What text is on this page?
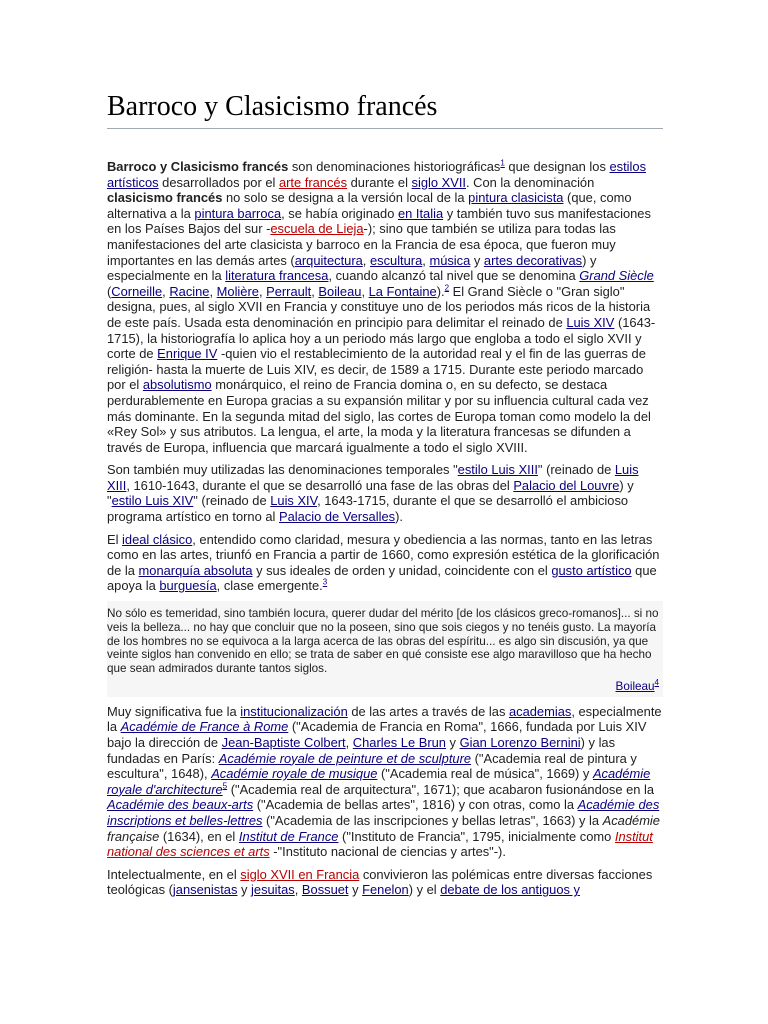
Barroco y Clasicismo francés

Barroco y Clasicismo francés son denominaciones historiográficas$^1$ que designan los estilos artísticos desarrollados por el arte francés durante el siglo XVII. Con la denominación clasicismo francés no solo se designa a la versión local de la pintura clasicista (que, como alternativa a la pintura barroca, se había originado en Italia y también tuvo sus manifestaciones en los Países Bajos del sur -escuela de Lieja-); sino que también se utiliza para todas las manifestaciones del arte clasicista y barroco en la Francia de esa época, que fueron muy importantes en las demás artes (arquitectura, escultura, música y artes decorativas) y especialmente en la literatura francesa, cuando alcanzó tal nivel que se denomina Grand Siècle (Corneille, Racine, Molière, Perrault, Boileau, La Fontaine).$^2$ El Grand Siècle o "Gran siglo" designa, pues, al siglo XVII en Francia y constituye uno de los periodos más ricos de la historia de este país. Usada esta denominación en principio para delimitar el reinado de Luis XIV (1643-1715), la historiografía lo aplica hoy a un periodo más largo que engloba a todo el siglo XVII y corte de Enrique IV -quien vio el restablecimiento de la autoridad real y el fin de las guerras de religión- hasta la muerte de Luis XIV, es decir, de 1589 a 1715. Durante este periodo marcado por el absolutismo monárquico, el reino de Francia domina o, en su defecto, se destaca perdurablemente en Europa gracias a su expansión militar y por su influencia cultural cada vez más dominante. En la segunda mitad del siglo, las cortes de Europa toman como modelo la del «Rey Sol» y sus atributos. La lengua, el arte, la moda y la literatura francesas se difunden a través de Europa, influencia que marcará igualmente a todo el siglo XVIII.

Son también muy utilizadas las denominaciones temporales "estilo Luis XIII" (reinado de Luis XIII, 1610-1643, durante el que se desarrolló una fase de las obras del Palacio del Louvre) y "estilo Luis XIV" (reinado de Luis XIV, 1643-1715, durante el que se desarrolló el ambicioso programa artístico en torno al Palacio de Versalles).

El ideal clásico, entendido como claridad, mesura y obediencia a las normas, tanto en las letras como en las artes, triunfó en Francia a partir de 1660, como expresión estética de la glorificación de la monarquía absoluta y sus ideales de orden y unidad, coincidente con el gusto artístico que apoya la burguesía, clase emergente.$^3$

No sólo es temeridad, sino también locura, querer dudar del mérito [de los clásicos greco-romanos]... si no veis la belleza... no hay que concluir que no la poseen, sino que sois ciegos y no tenéis gusto. La mayoría de los hombres no se equivoca a la larga acerca de las obras del espíritu... es algo sin discusión, ya que veinte siglos han convenido en ello; se trata de saber en qué consiste ese algo maravilloso que ha hecho que sean admirados durante tantos siglos.

Boileau$^4$

Muy significativa fue la institucionalización de las artes a través de las academias, especialmente la Académie de France à Rome ("Academia de Francia en Roma", 1666, fundada por Luis XIV bajo la dirección de Jean-Baptiste Colbert, Charles Le Brun y Gian Lorenzo Bernini) y las fundadas en París: Académie royale de peinture et de sculpture ("Academia real de pintura y escultura", 1648), Académie royale de musique ("Academia real de música", 1669) y Académie royale d'architecture$^5$ ("Academia real de arquitectura", 1671); que acabaron fusionándose en la Académie des beaux-arts ("Academia de bellas artes", 1816) y con otras, como la Académie des inscriptions et belles-lettres ("Academia de las inscripciones y bellas letras", 1663) y la Académie française (1634), en el Institut de France ("Instituto de Francia", 1795, inicialmente como Institut national des sciences et arts -"Instituto nacional de ciencias y artes"-).

Intelectualmente, en el siglo XVII en Francia convivieron las polémicas entre diversas facciones teológicas (jansenistas y jesuitas, Bossuet y Fenelon) y el debate de los antiguos y
